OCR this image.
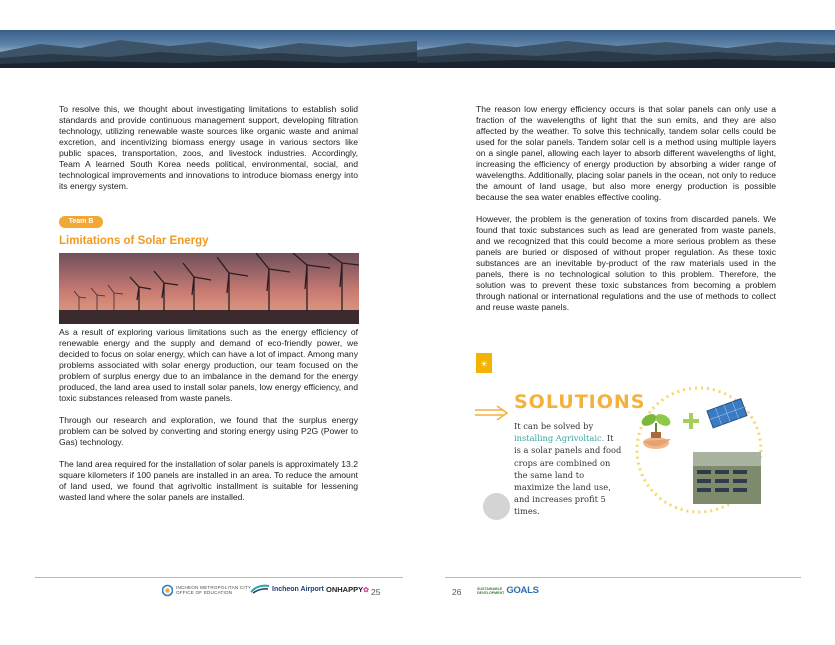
To resolve this, we thought about investigating limitations to establish solid standards and provide continuous management support, developing filtration technology, utilizing renewable waste sources like organic waste and animal excretion, and incentivizing biomass energy usage in various sectors like public spaces, transportation, zoos, and livestock industries. Accordingly, Team A learned South Korea needs political, environmental, social, and technological improvements and innovations to introduce biomass energy into its energy system.

Team B
Limitations of Solar Energy

As a result of exploring various limitations such as the energy efficiency of renewable energy and the supply and demand of eco-friendly power, we decided to focus on solar energy, which can have a lot of impact. Among many problems associated with solar energy production, our team focused on the problem of surplus energy due to an imbalance in the demand for the energy produced, the land area used to install solar panels, low energy efficiency, and toxic substances released from waste panels.

Through our research and exploration, we found that the surplus energy problem can be solved by converting and storing energy using P2G (Power to Gas) technology.

The land area required for the installation of solar panels is approximately 13.2 square kilometers if 100 panels are installed in an area. To reduce the amount of land used, we found that agrivoltic installment is suitable for lessening wasted land where the solar panels are installed.

The reason low energy efficiency occurs is that solar panels can only use a fraction of the wavelengths of light that the sun emits, and they are also affected by the weather. To solve this technically, tandem solar cells could be used for the solar panels. Tandem solar cell is a method using multiple layers on a single panel, allowing each layer to absorb different wavelengths of light, increasing the efficiency of energy production by absorbing a wider range of wavelengths. Additionally, placing solar panels in the ocean, not only to reduce the amount of land usage, but also more energy production is possible because the sea water enables effective cooling.

However, the problem is the generation of toxins from discarded panels. We found that toxic substances such as lead are generated from waste panels, and we recognized that this could become a more serious problem as these panels are buried or disposed of without proper regulation. As these toxic substances are an inevitable by-product of the raw materials used in the panels, there is no technological solution to this problem. Therefore, the solution was to prevent these toxic substances from becoming a problem through national or international regulations and the use of methods to collect and reuse waste panels.

☀
SOLUTIONS
It can be solved by installing Agrivoltaic. It is a solar panels and food crops are combined on the same land to maximize the land use, and increases profit 5 times.
INCHEON METROPOLITAN CITY
OFFICE OF EDUCATION	Incheon Airport ONHAPPY✿ 25	26	SUSTAINABLE
DEVELOPMENT GOALS
